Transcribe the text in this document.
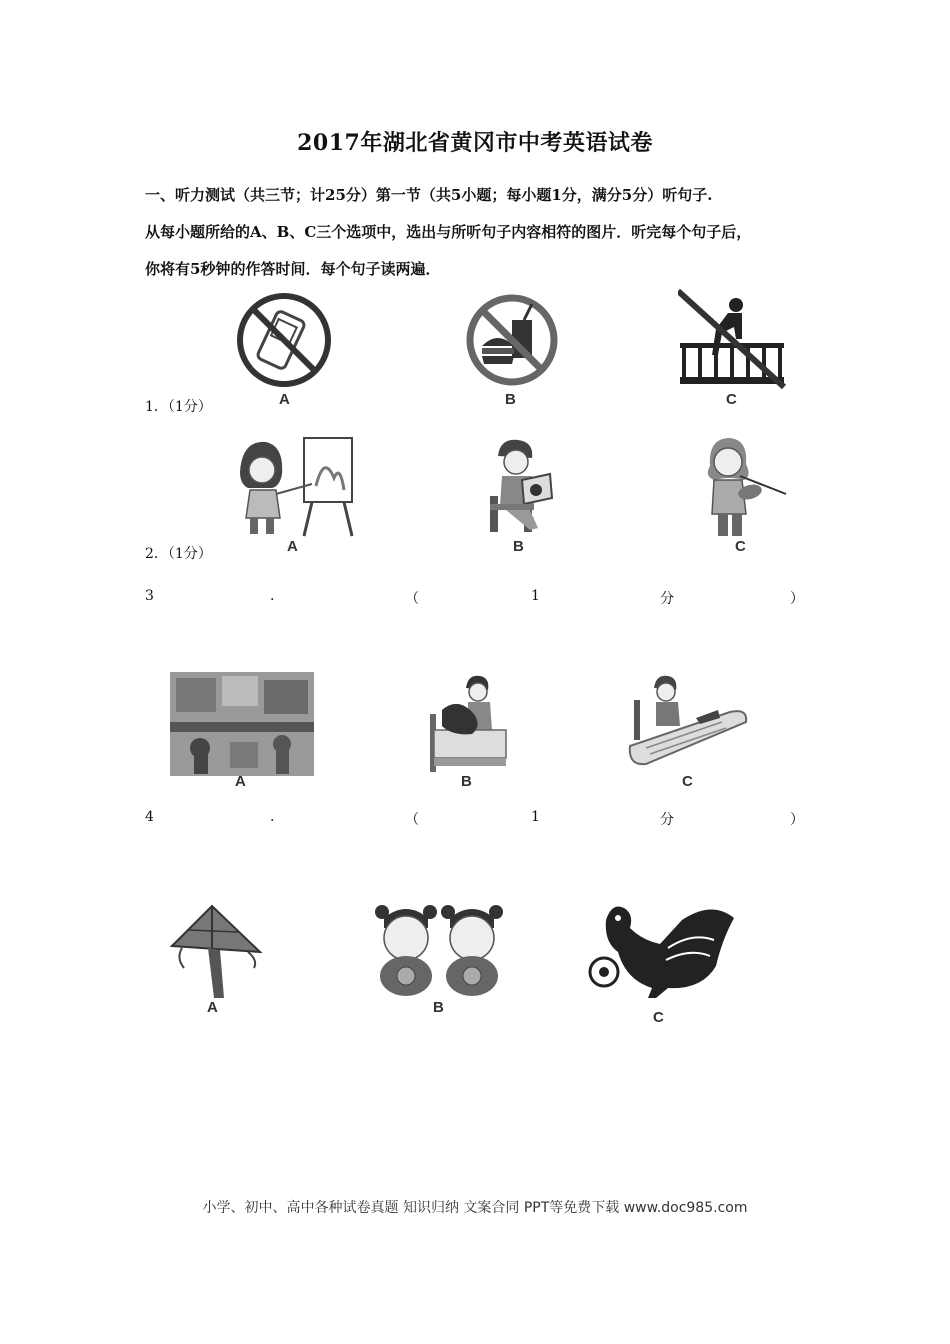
2017年湖北省黄冈市中考英语试卷
一、听力测试（共三节；计25分）第一节（共5小题；每小题1分，满分5分）听句子.
从每小题所给的A、B、C三个选项中，选出与所听句子内容相符的图片．听完每个句子后，
你将有5秒钟的作答时间．每个句子读两遍．
1．（1分）	A	B	C
2．（1分）	A	B	C
3	.	（	1	分	）
A	B	C
4	.	（	1	分	）
A	B
C
小学、初中、高中各种试卷真题 知识归纳 文案合同 PPT等免费下载 www.doc985.com
